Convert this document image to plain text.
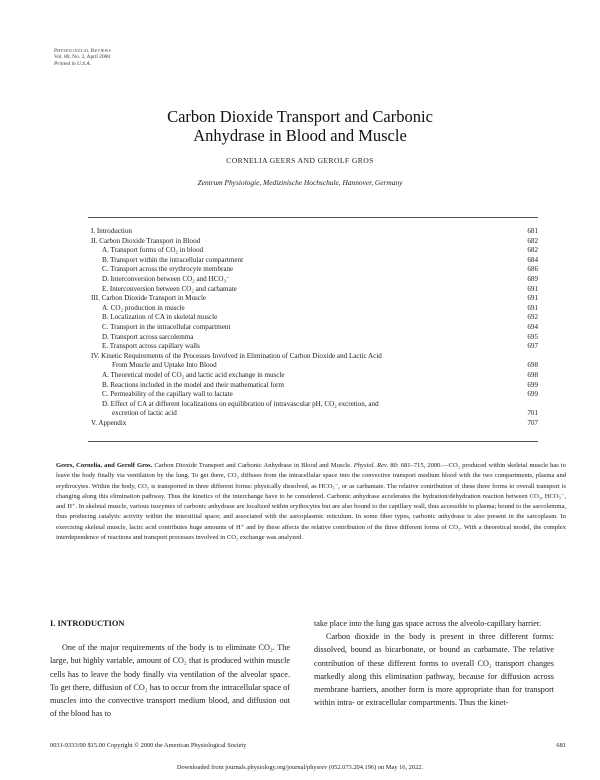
Physiological Reviews
Vol. 80, No. 2, April 2000
Printed in U.S.A.
Carbon Dioxide Transport and Carbonic
Anhydrase in Blood and Muscle
CORNELIA GEERS AND GEROLF GROS
Zentrum Physiologie, Medizinische Hochschule, Hannover, Germany
I. Introduction	681
II. Carbon Dioxide Transport in Blood	682
A. Transport forms of CO₂ in blood	682
B. Transport within the intracellular compartment	684
C. Transport across the erythrocyte membrane	686
D. Interconversion between CO₂ and HCO₃⁻	689
E. Interconversion between CO₂ and carbamate	691
III. Carbon Dioxide Transport in Muscle	691
A. CO₂ production in muscle	691
B. Localization of CA in skeletal muscle	692
C. Transport in the intracellular compartment	694
D. Transport across sarcolemma	695
E. Transport across capillary walls	697
IV. Kinetic Requirements of the Processes Involved in Elimination of Carbon Dioxide and Lactic Acid
From Muscle and Uptake Into Blood	698
A. Theoretical model of CO₂ and lactic acid exchange in muscle	698
B. Reactions included in the model and their mathematical form	699
C. Permeability of the capillary wall to lactate	699
D. Effect of CA at different localizations on equilibration of intravascular pH, CO₂ excretion, and
excretion of lactic acid	701
V. Appendix	707
Geers, Cornelia, and Gerolf Gros. Carbon Dioxide Transport and Carbonic Anhydrase in Blood and Muscle. Physiol. Rev. 80: 681–715, 2000.—CO₂ produced within skeletal muscle has to leave the body finally via ventilation by the lung. To get there, CO₂ diffuses from the intracellular space into the convective transport medium blood with the two compartments, plasma and erythrocytes. Within the body, CO₂ is transported in three different forms: physically dissolved, as HCO₃⁻, or as carbamate. The relative contribution of these three forms to overall transport is changing along this elimination pathway. Thus the kinetics of the interchange have to be considered. Carbonic anhydrase accelerates the hydration/dehydration reaction between CO₂, HCO₃⁻, and H⁺. In skeletal muscle, various isozymes of carbonic anhydrase are localized within erythocytes but are also bound to the capillary wall, thus accessible to plasma; bound to the sarcolemma, thus producing catalytic activity within the interstitial space; and associated with the sarcoplasmic reticulum. In some fiber types, carbonic anhydrase is also present in the sarcoplasm. In exercising skeletal muscle, lactic acid contributes huge amounts of H⁺ and by these affects the relative contribution of the three different forms of CO₂. With a theoretical model, the complex interdependence of reactions and transport processes involved in CO₂ exchange was analyzed.

I. INTRODUCTION

One of the major requirements of the body is to eliminate CO₂. The large, but highly variable, amount of CO₂ that is produced within muscle cells has to leave the body finally via ventilation of the alveolar space. To get there, diffusion of CO₂ has to occur from the intracellular space of muscles into the convective transport medium blood, and diffusion out of the blood has to

take place into the lung gas space across the alveolo-capillary barrier.

Carbon dioxide in the body is present in three different forms: dissolved, bound as bicarbonate, or bound as carbamate. The relative contribution of these different forms to overall CO₂ transport changes markedly along this elimination pathway, because for diffusion across membrane barriers, another form is more appropriate than for transport within intra- or extracellular compartments. Thus the kinet-

0031-9333/00 $15.00 Copyright © 2000 the American Physiological Society	681
Downloaded from journals.physiology.org/journal/physrev (052.073.204.196) on May 16, 2022.
